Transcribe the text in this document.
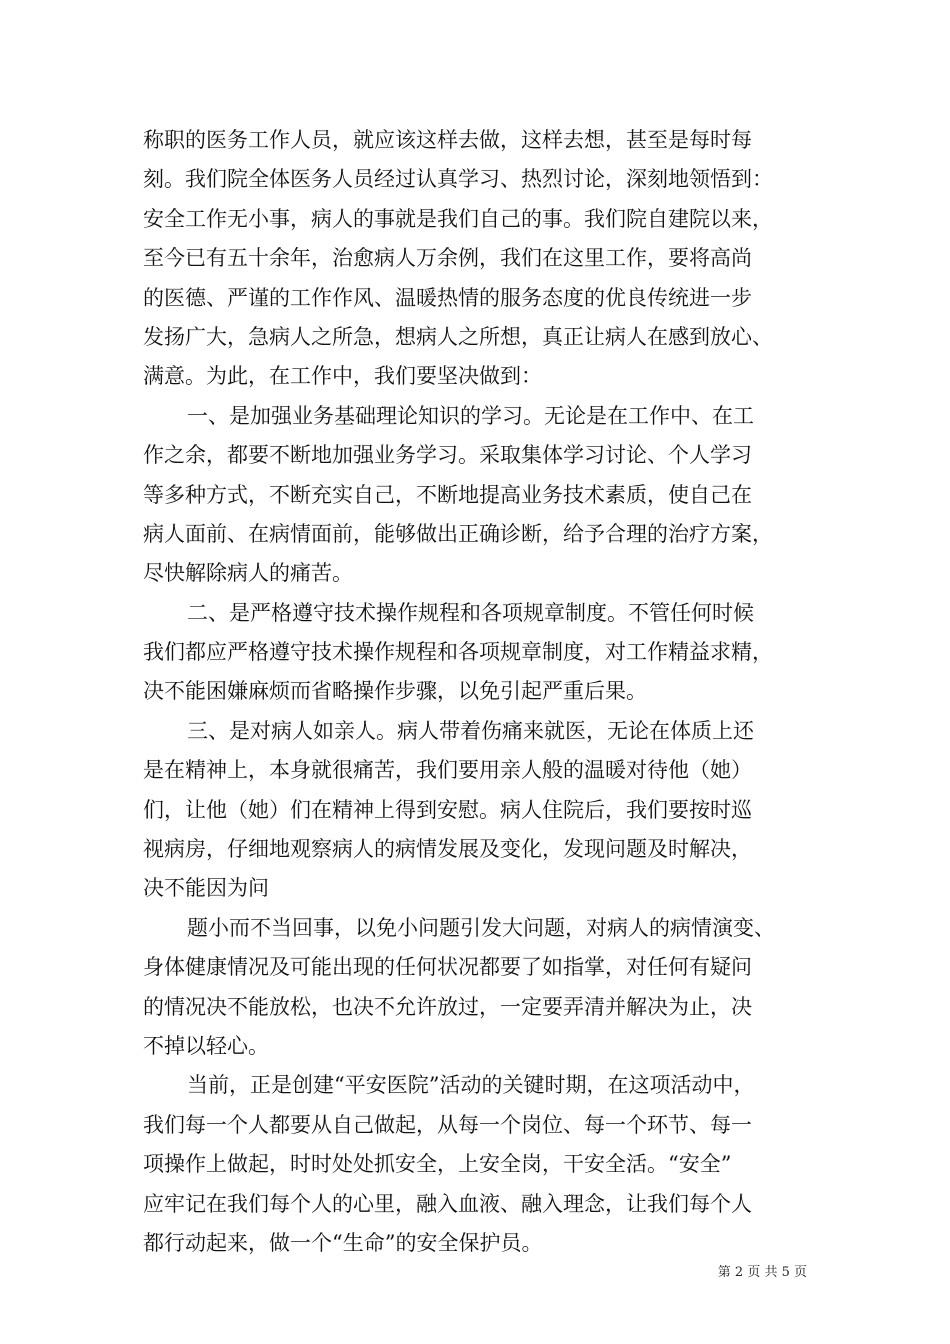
称职的医务工作人员，就应该这样去做，这样去想，甚至是每时每
刻。我们院全体医务人员经过认真学习、热烈讨论，深刻地领悟到：
安全工作无小事，病人的事就是我们自己的事。我们院自建院以来，
至今已有五十余年，治愈病人万余例，我们在这里工作，要将高尚
的医德、严谨的工作作风、温暖热情的服务态度的优良传统进一步
发扬广大，急病人之所急，想病人之所想，真正让病人在感到放心、
满意。为此，在工作中，我们要坚决做到：
一、是加强业务基础理论知识的学习。无论是在工作中、在工
作之余，都要不断地加强业务学习。采取集体学习讨论、个人学习
等多种方式，不断充实自己，不断地提高业务技术素质，使自己在
病人面前、在病情面前，能够做出正确诊断，给予合理的治疗方案，
尽快解除病人的痛苦。
二、是严格遵守技术操作规程和各项规章制度。不管任何时候
我们都应严格遵守技术操作规程和各项规章制度，对工作精益求精，
决不能困嫌麻烦而省略操作步骤，以免引起严重后果。
三、是对病人如亲人。病人带着伤痛来就医，无论在体质上还
是在精神上，本身就很痛苦，我们要用亲人般的温暖对待他（她）
们，让他（她）们在精神上得到安慰。病人住院后，我们要按时巡
视病房，仔细地观察病人的病情发展及变化，发现问题及时解决，
决不能因为问
题小而不当回事，以免小问题引发大问题，对病人的病情演变、
身体健康情况及可能出现的任何状况都要了如指掌，对任何有疑问
的情况决不能放松，也决不允许放过，一定要弄清并解决为止，决
不掉以轻心。
当前，正是创建“平安医院”活动的关键时期，在这项活动中，
我们每一个人都要从自己做起，从每一个岗位、每一个环节、每一
项操作上做起，时时处处抓安全，上安全岗，干安全活。“安全”
应牢记在我们每个人的心里，融入血液、融入理念，让我们每个人
都行动起来，做一个“生命”的安全保护员。
第 2 页 共 5 页
